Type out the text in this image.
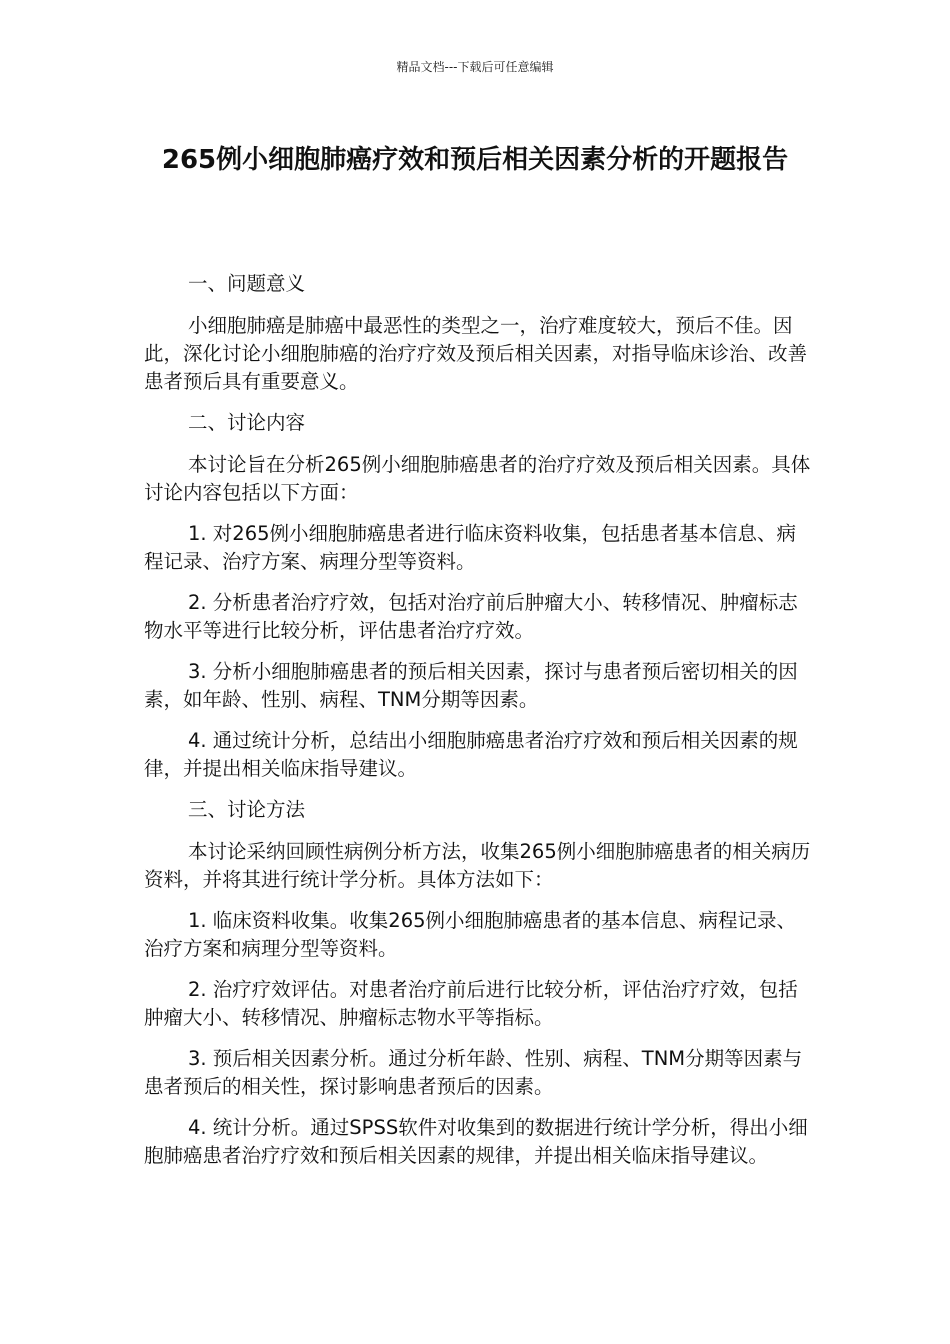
精品文档---下载后可任意编辑
265例小细胞肺癌疗效和预后相关因素分析的开题报告

一、问题意义

小细胞肺癌是肺癌中最恶性的类型之一，治疗难度较大，预后不佳。因此，深化讨论小细胞肺癌的治疗疗效及预后相关因素，对指导临床诊治、改善患者预后具有重要意义。

二、讨论内容

本讨论旨在分析265例小细胞肺癌患者的治疗疗效及预后相关因素。具体讨论内容包括以下方面：

1. 对265例小细胞肺癌患者进行临床资料收集，包括患者基本信息、病程记录、治疗方案、病理分型等资料。

2. 分析患者治疗疗效，包括对治疗前后肿瘤大小、转移情况、肿瘤标志物水平等进行比较分析，评估患者治疗疗效。

3. 分析小细胞肺癌患者的预后相关因素，探讨与患者预后密切相关的因素，如年龄、性别、病程、TNM分期等因素。

4. 通过统计分析，总结出小细胞肺癌患者治疗疗效和预后相关因素的规律，并提出相关临床指导建议。

三、讨论方法

本讨论采纳回顾性病例分析方法，收集265例小细胞肺癌患者的相关病历资料，并将其进行统计学分析。具体方法如下：

1. 临床资料收集。收集265例小细胞肺癌患者的基本信息、病程记录、治疗方案和病理分型等资料。

2. 治疗疗效评估。对患者治疗前后进行比较分析，评估治疗疗效，包括肿瘤大小、转移情况、肿瘤标志物水平等指标。

3. 预后相关因素分析。通过分析年龄、性别、病程、TNM分期等因素与患者预后的相关性，探讨影响患者预后的因素。

4. 统计分析。通过SPSS软件对收集到的数据进行统计学分析，得出小细胞肺癌患者治疗疗效和预后相关因素的规律，并提出相关临床指导建议。
